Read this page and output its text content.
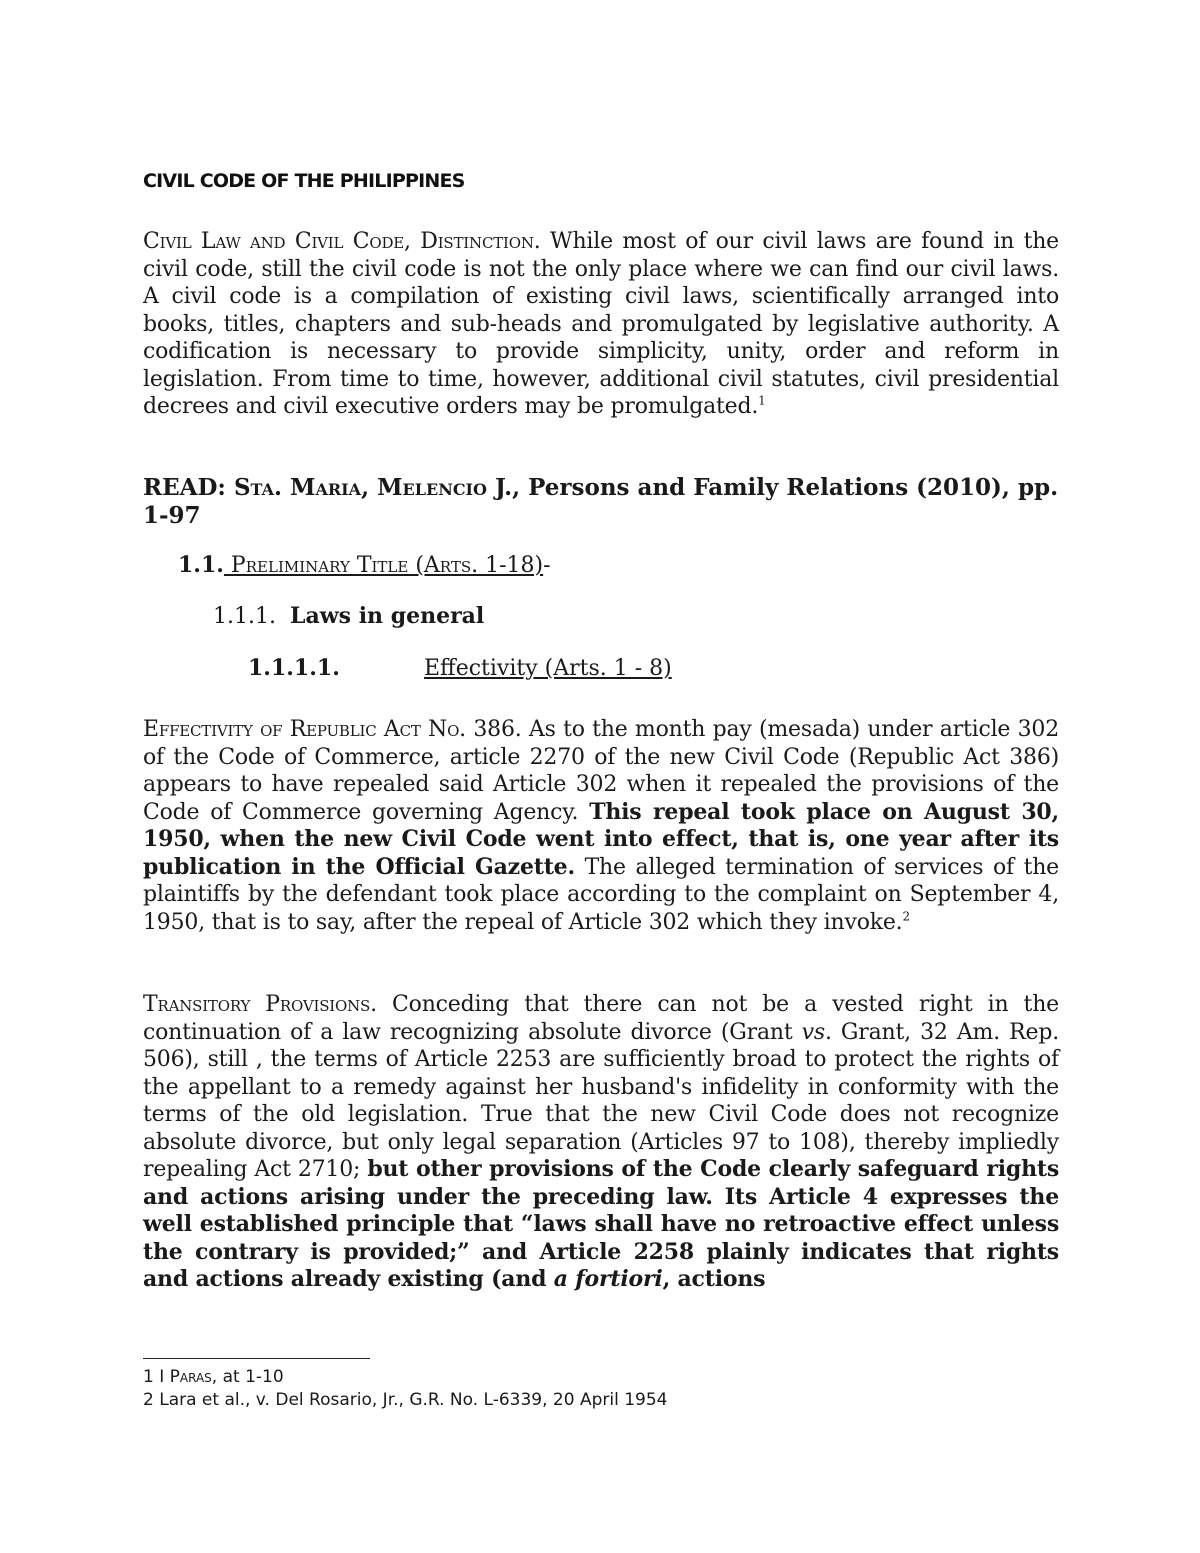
CIVIL CODE OF THE PHILIPPINES

Civil Law and Civil Code, Distinction. While most of our civil laws are found in the civil code, still the civil code is not the only place where we can find our civil laws. A civil code is a compilation of existing civil laws, scientifically arranged into books, titles, chapters and sub-heads and promulgated by legislative authority. A codification is necessary to provide simplicity, unity, order and reform in legislation. From time to time, however, additional civil statutes, civil presidential decrees and civil executive orders may be promulgated.$^1$

READ: Sta. Maria, Melencio J., Persons and Family Relations (2010), pp. 1-97

1.1. Preliminary Title (Arts. 1-18)-

1.1.1. Laws in general

1.1.1.1.	Effectivity (Arts. 1 - 8)

Effectivity of Republic Act No. 386. As to the month pay (mesada) under article 302 of the Code of Commerce, article 2270 of the new Civil Code (Republic Act 386) appears to have repealed said Article 302 when it repealed the provisions of the Code of Commerce governing Agency. This repeal took place on August 30, 1950, when the new Civil Code went into effect, that is, one year after its publication in the Official Gazette. The alleged termination of services of the plaintiffs by the defendant took place according to the complaint on September 4, 1950, that is to say, after the repeal of Article 302 which they invoke.$^2$

Transitory Provisions. Conceding that there can not be a vested right in the continuation of a law recognizing absolute divorce (Grant vs. Grant, 32 Am. Rep. 506), still , the terms of Article 2253 are sufficiently broad to protect the rights of the appellant to a remedy against her husband's infidelity in conformity with the terms of the old legislation. True that the new Civil Code does not recognize absolute divorce, but only legal separation (Articles 97 to 108), thereby impliedly repealing Act 2710; but other provisions of the Code clearly safeguard rights and actions arising under the preceding law. Its Article 4 expresses the well established principle that “laws shall have no retroactive effect unless the contrary is provided;” and Article 2258 plainly indicates that rights and actions already existing (and a fortiori, actions

1 I Paras, at 1-10

2 Lara et al., v. Del Rosario, Jr., G.R. No. L-6339, 20 April 1954
